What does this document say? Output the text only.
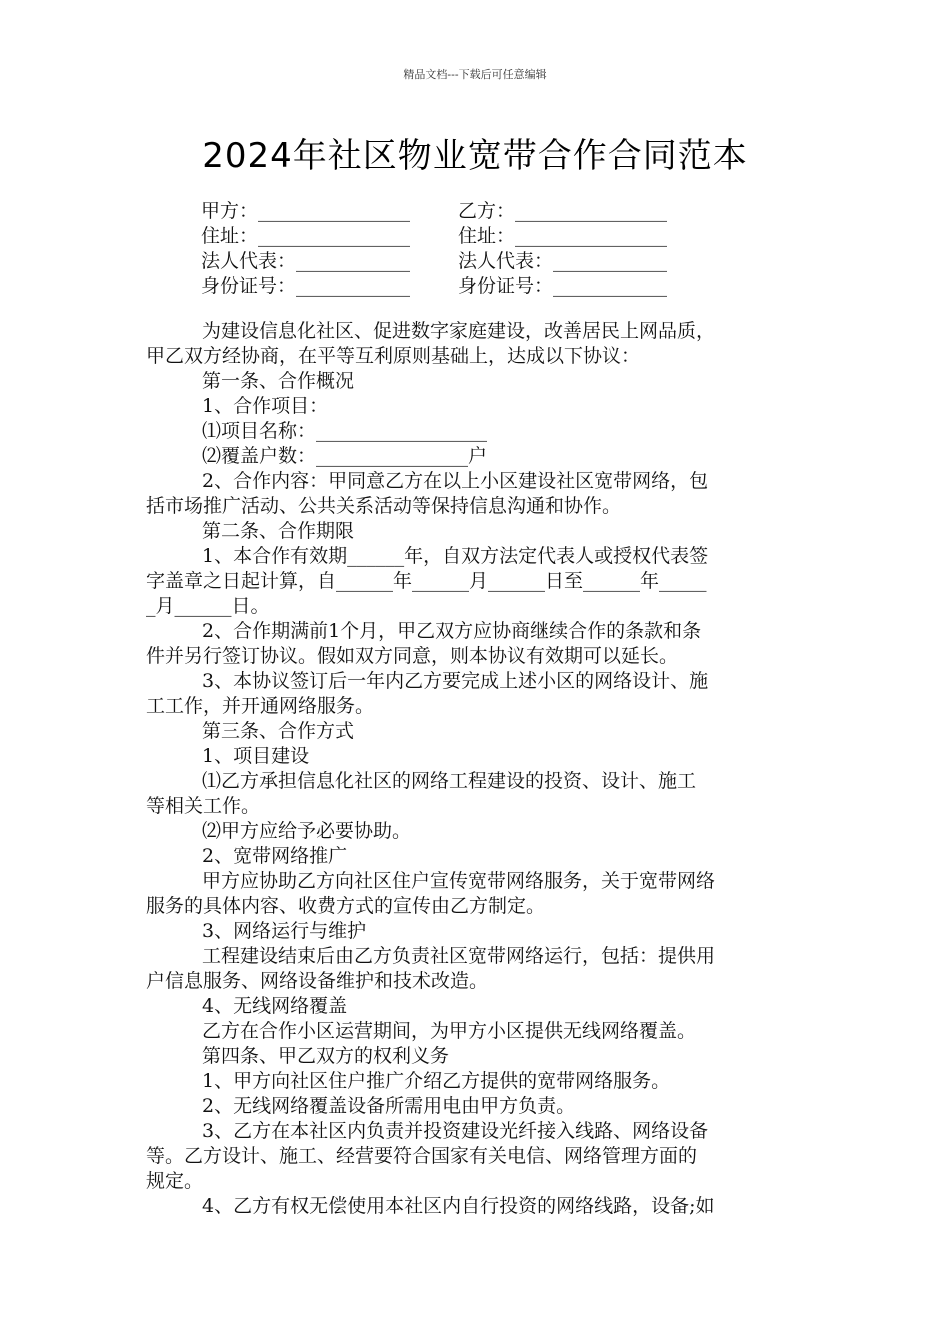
精品文档---下载后可任意编辑
2024年社区物业宽带合作合同范本
甲方：________________	乙方：________________
住址：________________	住址：________________
法人代表：____________	法人代表：____________
身份证号：____________	身份证号：____________

为建设信息化社区、促进数字家庭建设，改善居民上网品质，

甲乙双方经协商，在平等互利原则基础上，达成以下协议：

第一条、合作概况

1、合作项目：

⑴项目名称：__________________

⑵覆盖户数：________________户

2、合作内容：甲同意乙方在以上小区建设社区宽带网络，包

括市场推广活动、公共关系活动等保持信息沟通和协作。

第二条、合作期限

1、本合作有效期______年，自双方法定代表人或授权代表签

字盖章之日起计算，自______年______月______日至______年_____

_月______日。

2、合作期满前1个月，甲乙双方应协商继续合作的条款和条

件并另行签订协议。假如双方同意，则本协议有效期可以延长。

3、本协议签订后一年内乙方要完成上述小区的网络设计、施

工工作，并开通网络服务。

第三条、合作方式

1、项目建设

⑴乙方承担信息化社区的网络工程建设的投资、设计、施工

等相关工作。

⑵甲方应给予必要协助。

2、宽带网络推广

甲方应协助乙方向社区住户宣传宽带网络服务，关于宽带网络

服务的具体内容、收费方式的宣传由乙方制定。

3、网络运行与维护

工程建设结束后由乙方负责社区宽带网络运行，包括：提供用

户信息服务、网络设备维护和技术改造。

4、无线网络覆盖

乙方在合作小区运营期间，为甲方小区提供无线网络覆盖。

第四条、甲乙双方的权利义务

1、甲方向社区住户推广介绍乙方提供的宽带网络服务。

2、无线网络覆盖设备所需用电由甲方负责。

3、乙方在本社区内负责并投资建设光纤接入线路、网络设备

等。乙方设计、施工、经营要符合国家有关电信、网络管理方面的

规定。

4、乙方有权无偿使用本社区内自行投资的网络线路，设备;如
